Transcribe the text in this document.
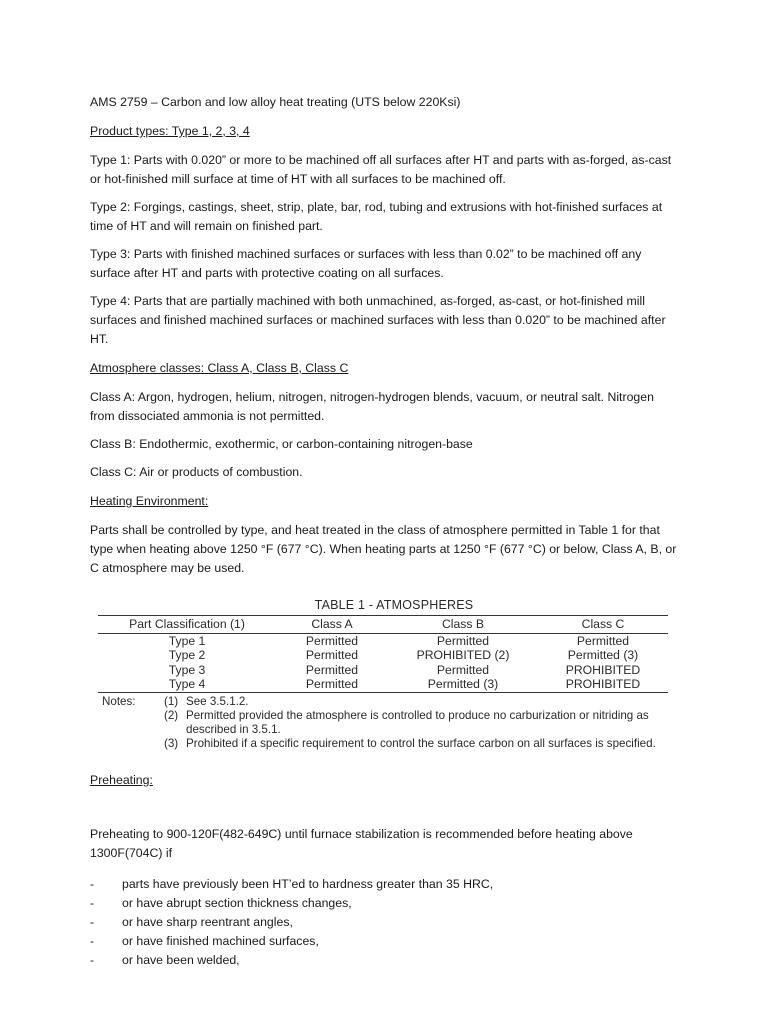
AMS 2759 – Carbon and low alloy heat treating (UTS below 220Ksi)

Product types: Type 1, 2, 3, 4

Type 1: Parts with 0.020” or more to be machined off all surfaces after HT and parts with as-forged, as-cast or hot-finished mill surface at time of HT with all surfaces to be machined off.

Type 2: Forgings, castings, sheet, strip, plate, bar, rod, tubing and extrusions with hot-finished surfaces at time of HT and will remain on finished part.

Type 3: Parts with finished machined surfaces or surfaces with less than 0.02” to be machined off any surface after HT and parts with protective coating on all surfaces.

Type 4: Parts that are partially machined with both unmachined, as-forged, as-cast, or hot-finished mill surfaces and finished machined surfaces or machined surfaces with less than 0.020” to be machined after HT.

Atmosphere classes: Class A, Class B, Class C

Class A: Argon, hydrogen, helium, nitrogen, nitrogen-hydrogen blends, vacuum, or neutral salt. Nitrogen from dissociated ammonia is not permitted.

Class B: Endothermic, exothermic, or carbon-containing nitrogen-base

Class C: Air or products of combustion.

Heating Environment:

Parts shall be controlled by type, and heat treated in the class of atmosphere permitted in Table 1 for that type when heating above 1250 °F (677 °C). When heating parts at 1250 °F (677 °C) or below, Class A, B, or C atmosphere may be used.

TABLE 1 - ATMOSPHERES
Part Classification (1)	Class A	Class B	Class C
Type 1	Permitted	Permitted	Permitted
Type 2	Permitted	PROHIBITED (2)	Permitted (3)
Type 3	Permitted	Permitted	PROHIBITED
Type 4	Permitted	Permitted (3)	PROHIBITED
Notes: (1) See 3.5.1.2.
(2) Permitted provided the atmosphere is controlled to produce no carburization or nitriding as described in 3.5.1.
(3) Prohibited if a specific requirement to control the surface carbon on all surfaces is specified.

Preheating:

Preheating to 900-120F(482-649C) until furnace stabilization is recommended before heating above 1300F(704C) if

- parts have previously been HT’ed to hardness greater than 35 HRC,
- or have abrupt section thickness changes,
- or have sharp reentrant angles,
- or have finished machined surfaces,
- or have been welded,
